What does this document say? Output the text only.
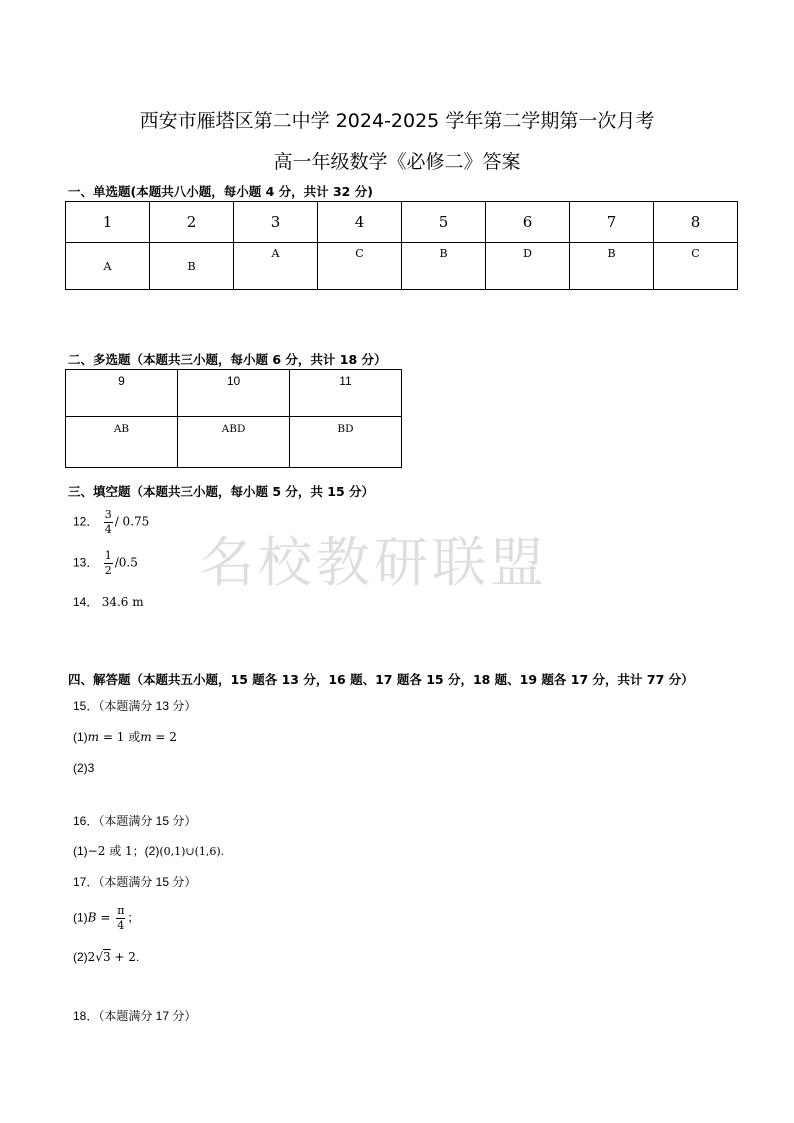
西安市雁塔区第二中学 2024-2025 学年第二学期第一次月考
高一年级数学《必修二》答案
一、单选题(本题共八小题，每小题 4 分，共计 32 分)
1	2	3	4	5	6	7	8
A	B	A	C	B	D	B	C
二、多选题（本题共三小题，每小题 6 分，共计 18 分）
9	10	11
AB	ABD	BD
三、填空题（本题共三小题，每小题 5 分，共 15 分）
名校教研联盟
12． $\frac{3}{4} / 0.75$
13． $\frac{1}{2} /0.5$
14． 34.6 m
四、解答题（本题共五小题，15 题各 13 分，16 题、17 题各 15 分，18 题、19 题各 17 分，共计 77 分）
15．（本题满分 13 分）
(1)m = 1 或m = 2
(2)3
16．（本题满分 15 分）
(1)−2 或 1；(2)(0,1)∪(1,6).
17．（本题满分 15 分）
$(1)B = \frac{\pi}{4}$ ；
(2)2√3 + 2.
18．（本题满分 17 分）
